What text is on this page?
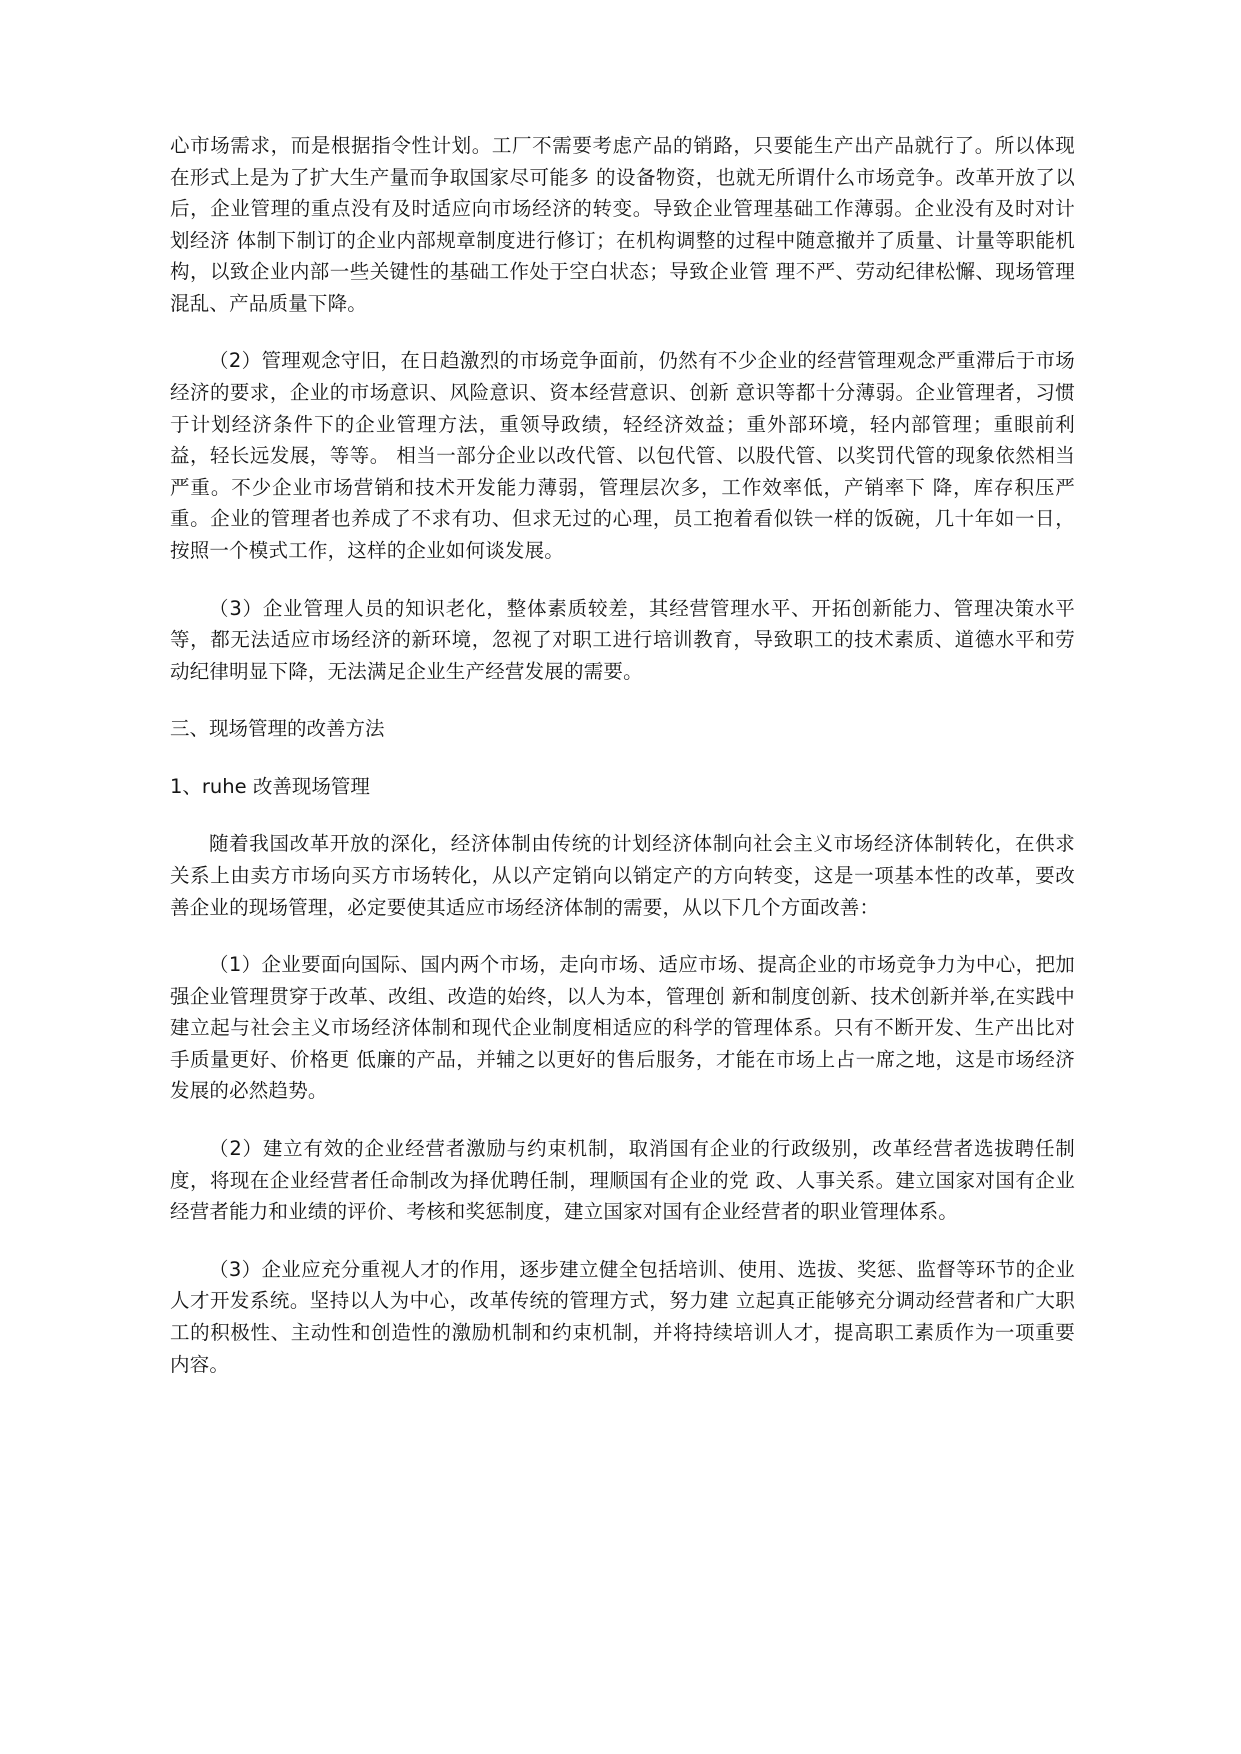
心市场需求，而是根据指令性计划。工厂不需要考虑产品的销路，只要能生产出产品就行了。所以体现在形式上是为了扩大生产量而争取国家尽可能多 的设备物资，也就无所谓什么市场竞争。改革开放了以后，企业管理的重点没有及时适应向市场经济的转变。导致企业管理基础工作薄弱。企业没有及时对计划经济 体制下制订的企业内部规章制度进行修订；在机构调整的过程中随意撤并了质量、计量等职能机构，以致企业内部一些关键性的基础工作处于空白状态；导致企业管 理不严、劳动纪律松懈、现场管理混乱、产品质量下降。

（2）管理观念守旧，在日趋激烈的市场竞争面前，仍然有不少企业的经营管理观念严重滞后于市场经济的要求，企业的市场意识、风险意识、资本经营意识、创新 意识等都十分薄弱。企业管理者，习惯于计划经济条件下的企业管理方法，重领导政绩，轻经济效益；重外部环境，轻内部管理；重眼前利益，轻长远发展，等等。 相当一部分企业以改代管、以包代管、以股代管、以奖罚代管的现象依然相当严重。不少企业市场营销和技术开发能力薄弱，管理层次多，工作效率低，产销率下 降，库存积压严重。企业的管理者也养成了不求有功、但求无过的心理，员工抱着看似铁一样的饭碗，几十年如一日，按照一个模式工作，这样的企业如何谈发展。

（3）企业管理人员的知识老化，整体素质较差，其经营管理水平、开拓创新能力、管理决策水平等，都无法适应市场经济的新环境，忽视了对职工进行培训教育，导致职工的技术素质、道德水平和劳动纪律明显下降，无法满足企业生产经营发展的需要。

三、现场管理的改善方法

1、ruhe 改善现场管理

随着我国改革开放的深化，经济体制由传统的计划经济体制向社会主义市场经济体制转化，在供求关系上由卖方市场向买方市场转化，从以产定销向以销定产的方向转变，这是一项基本性的改革，要改善企业的现场管理，必定要使其适应市场经济体制的需要，从以下几个方面改善：

（1）企业要面向国际、国内两个市场，走向市场、适应市场、提高企业的市场竞争力为中心，把加强企业管理贯穿于改革、改组、改造的始终，以人为本，管理创 新和制度创新、技术创新并举,在实践中建立起与社会主义市场经济体制和现代企业制度相适应的科学的管理体系。只有不断开发、生产出比对手质量更好、价格更 低廉的产品，并辅之以更好的售后服务，才能在市场上占一席之地，这是市场经济发展的必然趋势。

（2）建立有效的企业经营者激励与约束机制，取消国有企业的行政级别，改革经营者选拔聘任制度，将现在企业经营者任命制改为择优聘任制，理顺国有企业的党 政、人事关系。建立国家对国有企业经营者能力和业绩的评价、考核和奖惩制度，建立国家对国有企业经营者的职业管理体系。

（3）企业应充分重视人才的作用，逐步建立健全包括培训、使用、选拔、奖惩、监督等环节的企业人才开发系统。坚持以人为中心，改革传统的管理方式，努力建 立起真正能够充分调动经营者和广大职工的积极性、主动性和创造性的激励机制和约束机制，并将持续培训人才，提高职工素质作为一项重要内容。
